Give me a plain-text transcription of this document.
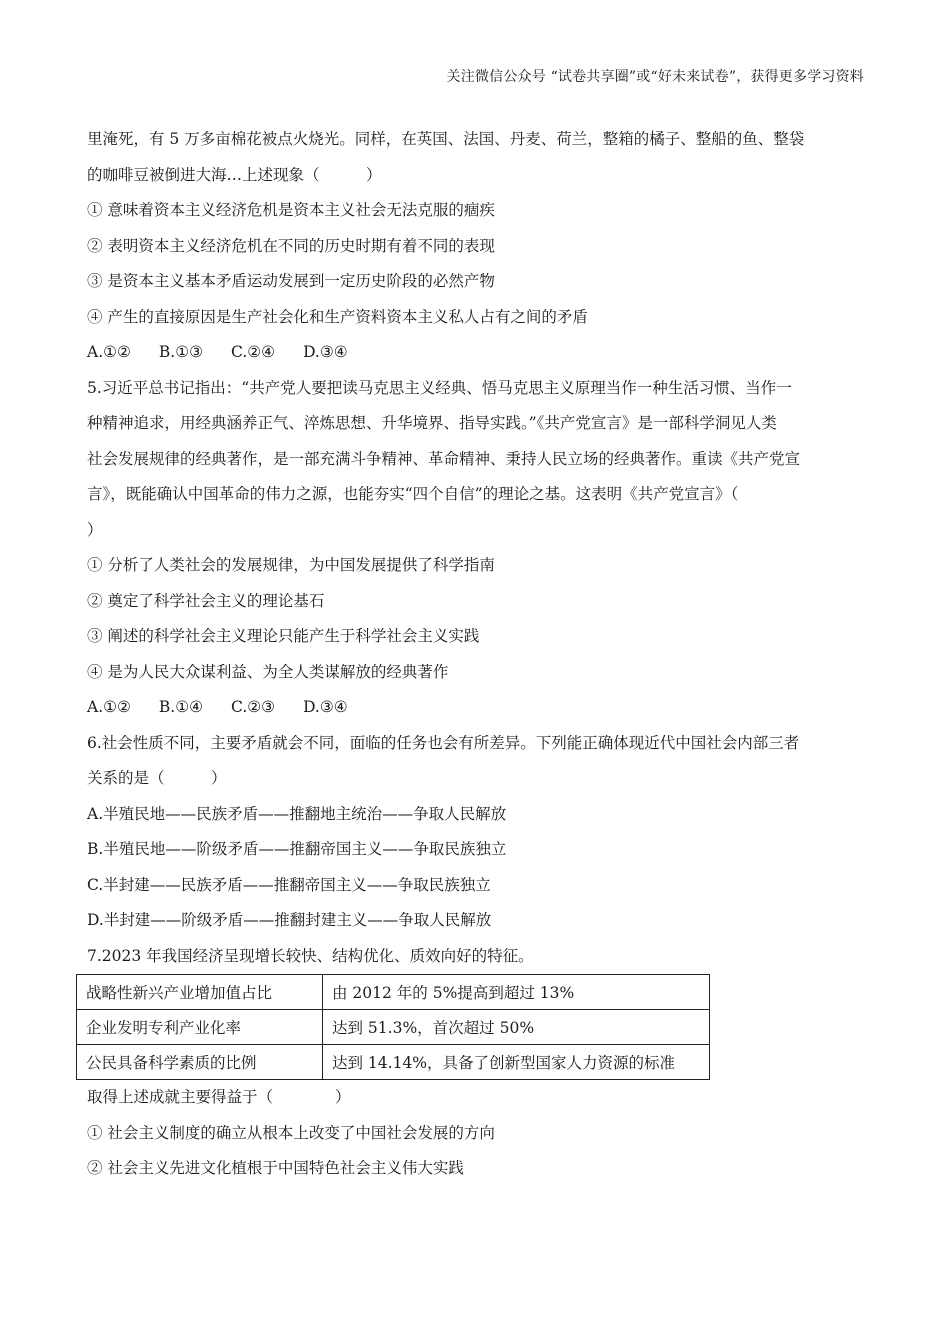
关注微信公众号 “试卷共享圈”或“好未来试卷”，获得更多学习资料
里淹死，有 5 万多亩棉花被点火烧光。同样，在英国、法国、丹麦、荷兰，整箱的橘子、整船的鱼、整袋
的咖啡豆被倒进大海…上述现象（　　　）
① 意味着资本主义经济危机是资本主义社会无法克服的痼疾
② 表明资本主义经济危机在不同的历史时期有着不同的表现
③ 是资本主义基本矛盾运动发展到一定历史阶段的必然产物
④ 产生的直接原因是生产社会化和生产资料资本主义私人占有之间的矛盾
A.①② B.①③ C.②④ D.③④
5.习近平总书记指出：“共产党人要把读马克思主义经典、悟马克思主义原理当作一种生活习惯、当作一
种精神追求，用经典涵养正气、淬炼思想、升华境界、指导实践。”《共产党宣言》是一部科学洞见人类
社会发展规律的经典著作，是一部充满斗争精神、革命精神、秉持人民立场的经典著作。重读《共产党宣
言》，既能确认中国革命的伟力之源，也能夯实“四个自信”的理论之基。这表明《共产党宣言》（
）
① 分析了人类社会的发展规律，为中国发展提供了科学指南
② 奠定了科学社会主义的理论基石
③ 阐述的科学社会主义理论只能产生于科学社会主义实践
④ 是为人民大众谋利益、为全人类谋解放的经典著作
A.①② B.①④ C.②③ D.③④
6.社会性质不同，主要矛盾就会不同，面临的任务也会有所差异。下列能正确体现近代中国社会内部三者
关系的是（　　　）
A.半殖民地——民族矛盾——推翻地主统治——争取人民解放
B.半殖民地——阶级矛盾——推翻帝国主义——争取民族独立
C.半封建——民族矛盾——推翻帝国主义——争取民族独立
D.半封建——阶级矛盾——推翻封建主义——争取人民解放
7.2023 年我国经济呈现增长较快、结构优化、质效向好的特征。
战略性新兴产业增加值占比	由 2012 年的 5%提高到超过 13%
企业发明专利产业化率	达到 51.3%，首次超过 50%
公民具备科学素质的比例	达到 14.14%，具备了创新型国家人力资源的标准
取得上述成就主要得益于（　　　　）
① 社会主义制度的确立从根本上改变了中国社会发展的方向
② 社会主义先进文化植根于中国特色社会主义伟大实践
